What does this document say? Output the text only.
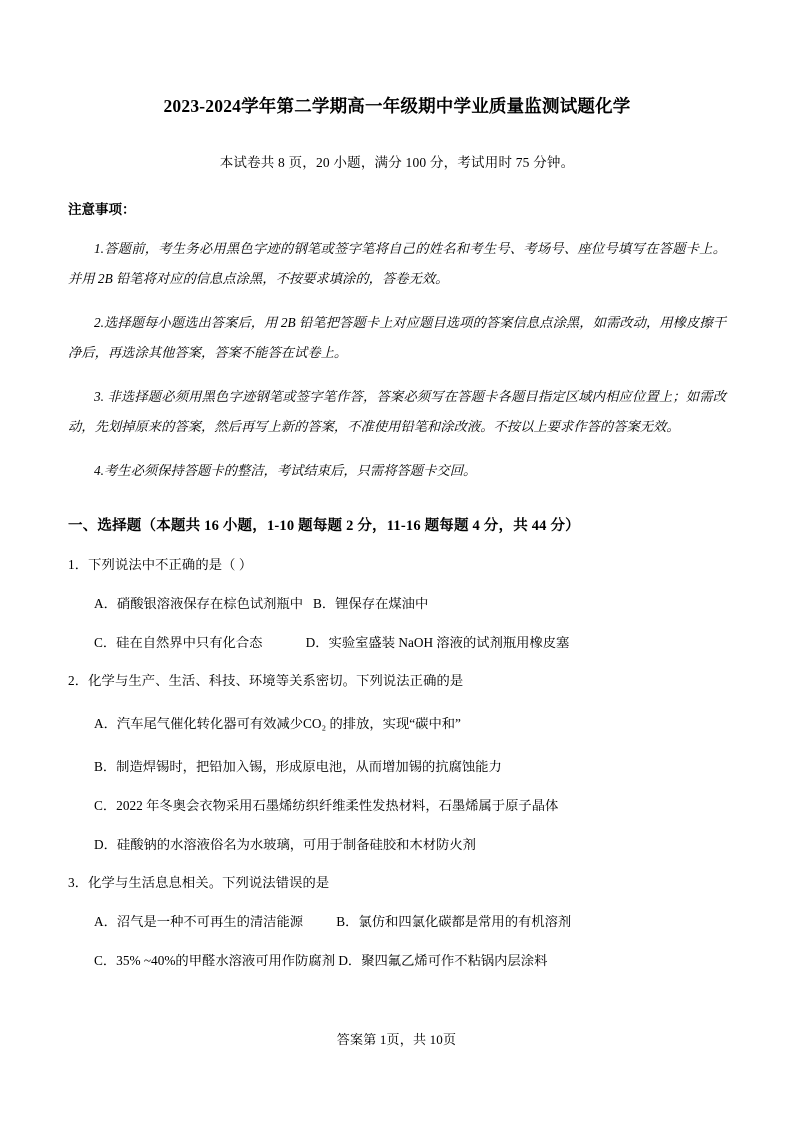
2023-2024学年第二学期高一年级期中学业质量监测试题化学
本试卷共 8 页，20 小题，满分 100 分，考试用时 75 分钟。
注意事项：
1.答题前，考生务必用黑色字迹的钢笔或签字笔将自己的姓名和考生号、考场号、座位号填写在答题卡上。并用 2B 铅笔将对应的信息点涂黑，不按要求填涂的，答卷无效。
2.选择题每小题选出答案后，用 2B 铅笔把答题卡上对应题目选项的答案信息点涂黑，如需改动，用橡皮擦干净后，再选涂其他答案，答案不能答在试卷上。
3. 非选择题必须用黑色字迹钢笔或签字笔作答，答案必须写在答题卡各题目指定区域内相应位置上；如需改动，先划掉原来的答案，然后再写上新的答案，不准使用铅笔和涂改液。不按以上要求作答的答案无效。
4.考生必须保持答题卡的整洁，考试结束后，只需将答题卡交回。
一、选择题（本题共 16 小题，1-10 题每题 2 分，11-16 题每题 4 分，共 44 分）
1．下列说法中不正确的是（ ）
A．硝酸银溶液保存在棕色试剂瓶中   B．锂保存在煤油中
C．硅在自然界中只有化合态             D．实验室盛装 NaOH 溶液的试剂瓶用橡皮塞
2．化学与生产、生活、科技、环境等关系密切。下列说法正确的是
A．汽车尾气催化转化器可有效减少CO₂ 的排放，实现“碳中和”
B．制造焊锡时，把铅加入锡，形成原电池，从而增加锡的抗腐蚀能力
C．2022 年冬奥会衣物采用石墨烯纺织纤维柔性发热材料，石墨烯属于原子晶体
D．硅酸钠的水溶液俗名为水玻璃，可用于制备硅胶和木材防火剂
3．化学与生活息息相关。下列说法错误的是
A．沼气是一种不可再生的清洁能源          B．氯仿和四氯化碳都是常用的有机溶剂
C．35% ~40%的甲醛水溶液可用作防腐剂 D．聚四氟乙烯可作不粘锅内层涂料
答案第 1页，共 10页
